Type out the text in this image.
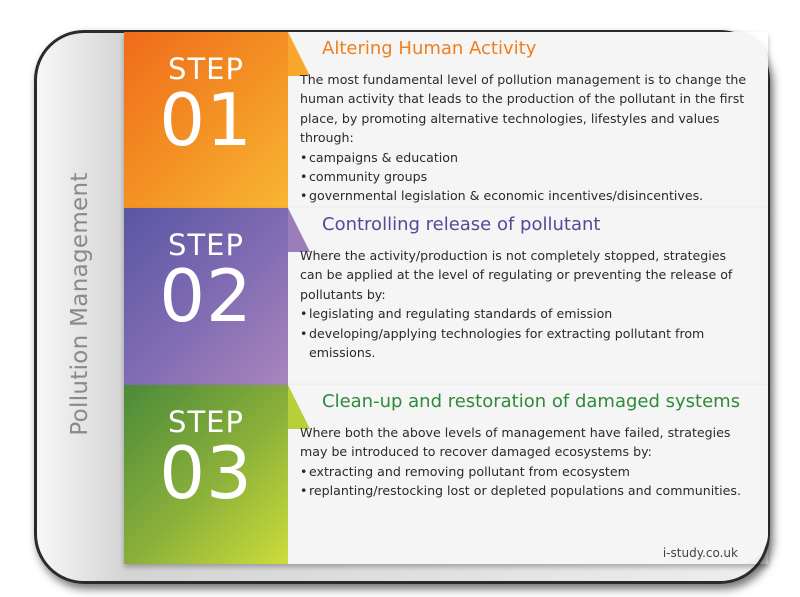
Pollution Management
STEP
01
Altering Human Activity

The most fundamental level of pollution management is to change the human activity that leads to the production of the pollutant in the first place, by promoting alternative technologies, lifestyles and values through:

• campaigns & education
• community groups
• governmental legislation & economic incentives/disincentives.
STEP
02
Controlling release of pollutant

Where the activity/production is not completely stopped, strategies can be applied at the level of regulating or preventing the release of pollutants by:

• legislating and regulating standards of emission
• developing/applying technologies for extracting pollutant from emissions.
STEP
03
Clean-up and restoration of damaged systems

Where both the above levels of management have failed, strategies may be introduced to recover damaged ecosystems by:

• extracting and removing pollutant from ecosystem
• replanting/restocking lost or depleted populations and communities.
i-study.co.uk
